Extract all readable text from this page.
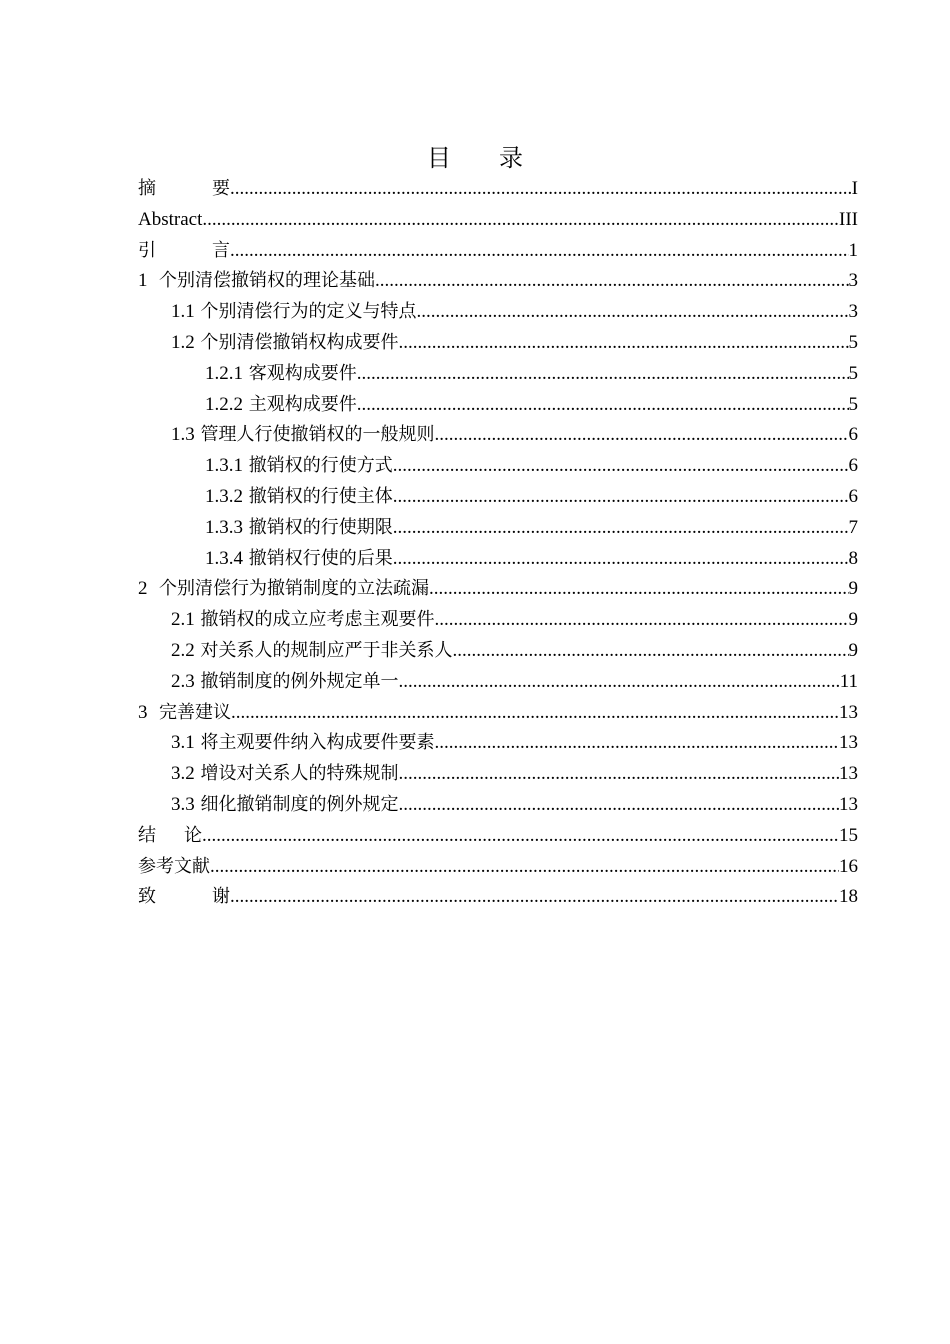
目 录
摘	要 .....	I
Abstract .....	III
引	言 .....	1
1 个别清偿撤销权的理论基础 .....	3
1.1 个别清偿行为的定义与特点 .....	3
1.2 个别清偿撤销权构成要件 .....	5
1.2.1 客观构成要件 .....	5
1.2.2 主观构成要件 .....	5
1.3 管理人行使撤销权的一般规则 .....	6
1.3.1 撤销权的行使方式 .....	6
1.3.2 撤销权的行使主体 .....	6
1.3.3 撤销权的行使期限 .....	7
1.3.4 撤销权行使的后果 .....	8
2 个别清偿行为撤销制度的立法疏漏 .....	9
2.1 撤销权的成立应考虑主观要件 .....	9
2.2 对关系人的规制应严于非关系人 .....	9
2.3 撤销制度的例外规定单一 .....	11
3 完善建议 .....	13
3.1 将主观要件纳入构成要件要素 .....	13
3.2 增设对关系人的特殊规制 .....	13
3.3 细化撤销制度的例外规定 .....	13
结 论 .....	15
参考文献 .....	16
致	谢 .....	18
